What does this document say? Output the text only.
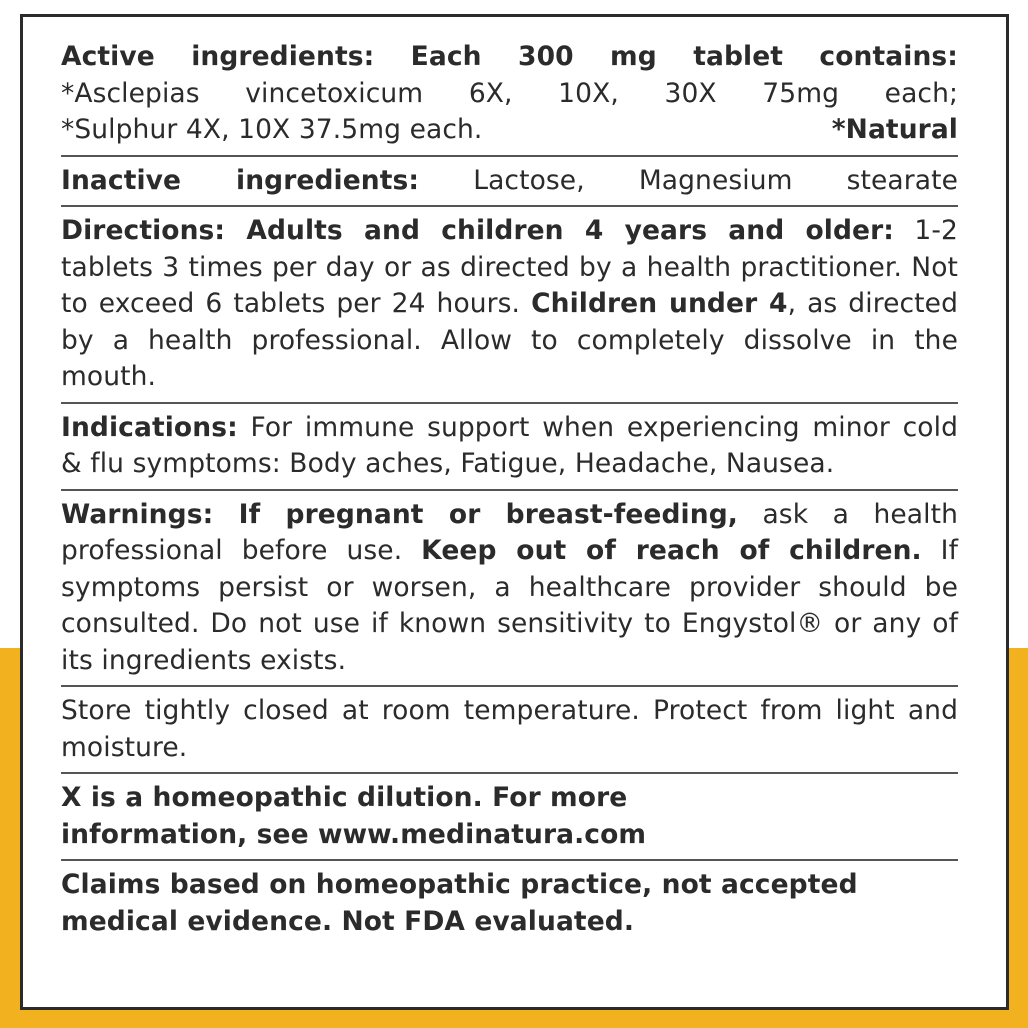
Active ingredients: Each 300 mg tablet contains:
*Asclepias vincetoxicum 6X, 10X, 30X 75mg each;
*Sulphur 4X, 10X 37.5mg each.	*Natural
Inactive ingredients: Lactose, Magnesium stearate
Directions: Adults and children 4 years and older: 1-2 tablets 3 times per day or as directed by a health practitioner. Not to exceed 6 tablets per 24 hours. Children under 4, as directed by a health professional. Allow to completely dissolve in the mouth.
Indications: For immune support when experiencing minor cold & flu symptoms: Body aches, Fatigue, Headache, Nausea.
Warnings: If pregnant or breast-feeding, ask a health professional before use. Keep out of reach of children. If symptoms persist or worsen, a healthcare provider should be consulted. Do not use if known sensitivity to Engystol® or any of its ingredients exists.
Store tightly closed at room temperature. Protect from light and moisture.
X is a homeopathic dilution. For more information, see www.medinatura.com
Claims based on homeopathic practice, not accepted medical evidence. Not FDA evaluated.
